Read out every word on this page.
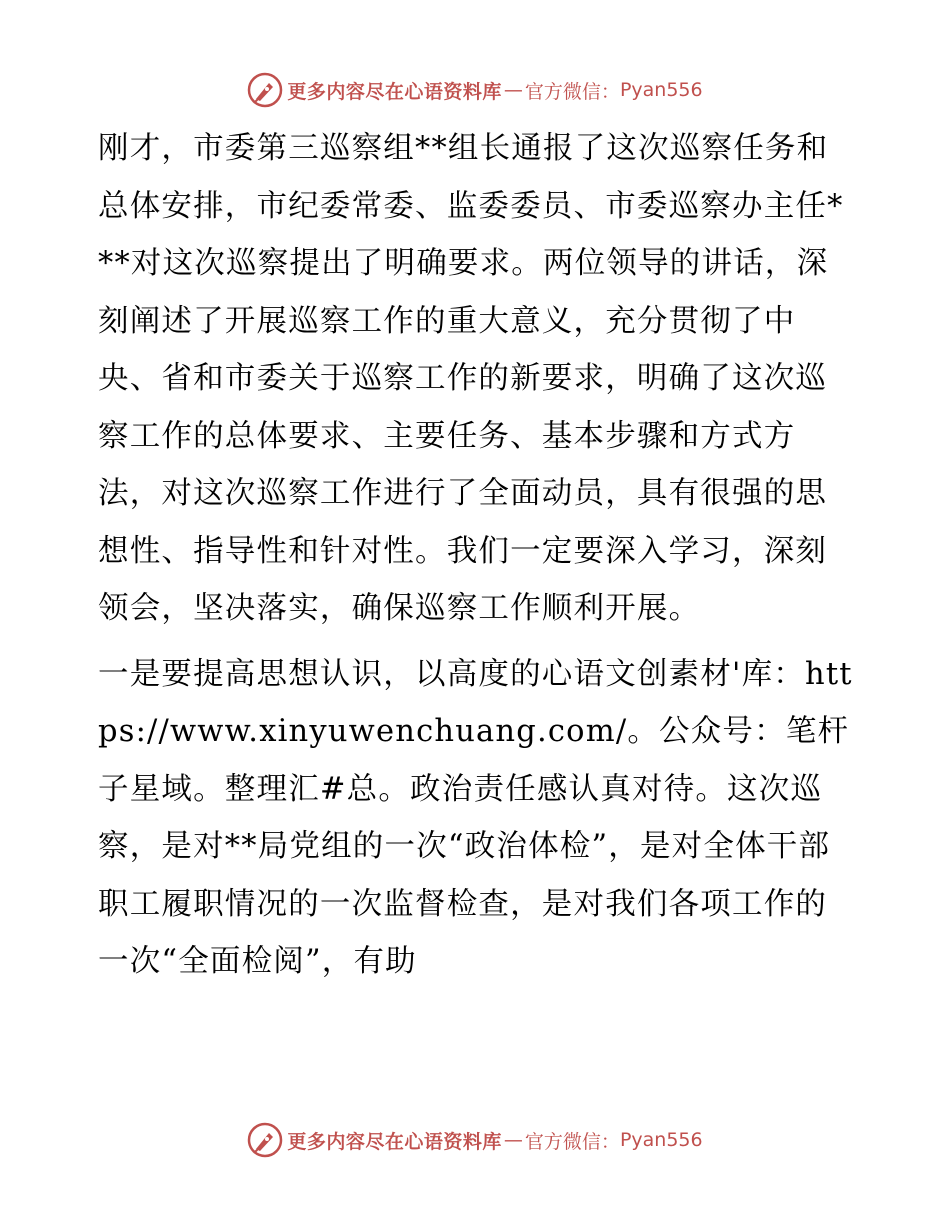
更多内容尽在心语资料库 — 官方微信： Pyan556

刚才，市委第三巡察组**组长通报了这次巡察任务和总体安排，市纪委常委、监委委员、市委巡察办主任***对这次巡察提出了明确要求。两位领导的讲话，深刻阐述了开展巡察工作的重大意义，充分贯彻了中央、省和市委关于巡察工作的新要求，明确了这次巡察工作的总体要求、主要任务、基本步骤和方式方法，对这次巡察工作进行了全面动员，具有很强的思想性、指导性和针对性。我们一定要深入学习，深刻领会，坚决落实，确保巡察工作顺利开展。

一是要提高思想认识，以高度的心语文创素材'库：https://www.xinyuwenchuang.com/。公众号：笔杆子星域。整理汇#总。政治责任感认真对待。这次巡察，是对**局党组的一次“政治体检”，是对全体干部职工履职情况的一次监督检查，是对我们各项工作的一次“全面检阅”，有助

更多内容尽在心语资料库 — 官方微信： Pyan556
